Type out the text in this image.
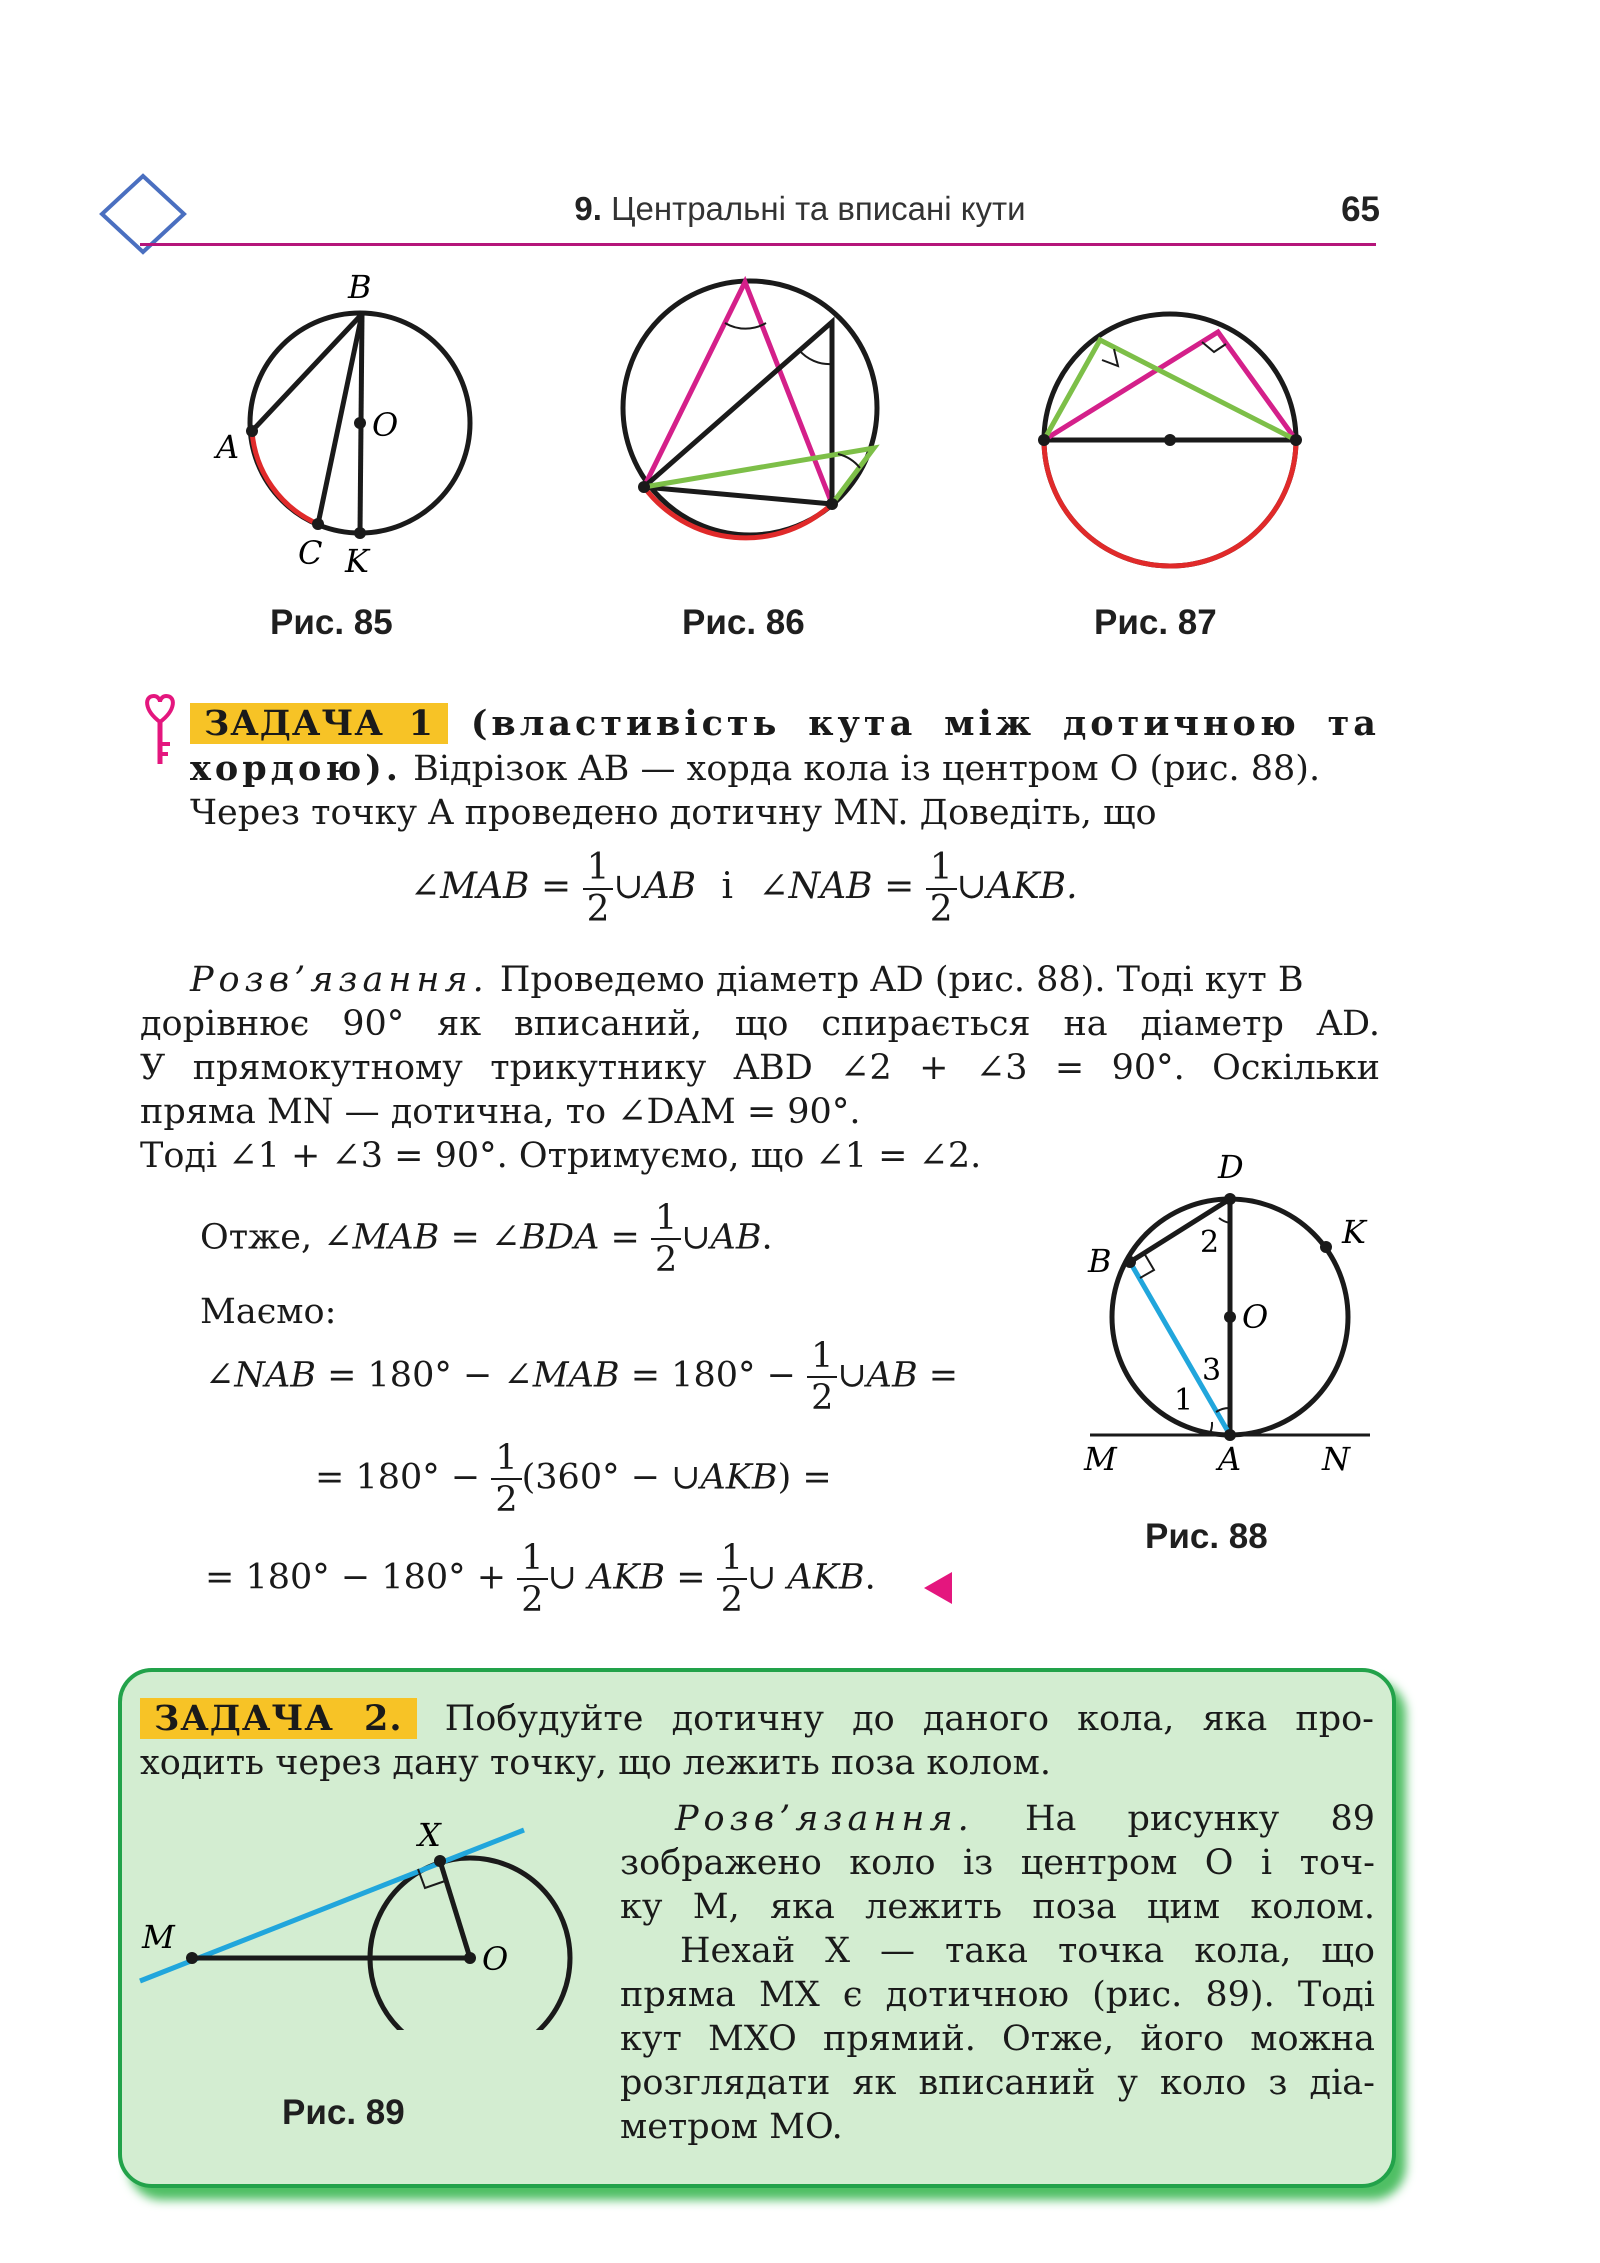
9. Центральні та вписані кути	65
B
O
A
C K
Рис. 85	Рис. 86	Рис. 87
ЗАДАЧА 1 (властивість кута між дотичною та
хордою). Відрізок AB — хорда кола із центром O (рис. 88).
Через точку A проведено дотичну MN. Доведіть, що
∠MAB = $\frac{1}{2}$ ∪AB і ∠NAB = $\frac{1}{2}$ ∪AKB.
Розв’язання. Проведемо діаметр AD (рис. 88). Тоді кут B
дорівнює 90° як вписаний, що спирається на діаметр AD.
У прямокутному трикутнику ABD ∠2 + ∠3 = 90°. Оскільки
пряма MN — дотична, то ∠DAM = 90°.
Тоді ∠1 + ∠3 = 90°. Отримуємо, що ∠1 = ∠2.
Отже, ∠MAB = ∠BDA = $\frac{1}{2}$ ∪AB.
Маємо:
∠NAB = 180° − ∠MAB = $180^\circ - \frac{1}{2}$ ∪AB =
= $180^\circ - \frac{1}{2} (360^\circ$ − ∪AKB) =
= $180^\circ - 180^\circ + \frac{1}{2}$ ∪ AKB = $\frac{1}{2}$ ∪ AKB.
D
K
B
O
2
3
1
M	A	N
Рис. 88
ЗАДАЧА 2. Побудуйте дотичну до даного кола, яка про-
ходить через дану точку, що лежить поза колом.
Розв’язання. На рисунку 89
зображено коло із центром O і точ-
ку M, яка лежить поза цим колом.
Нехай X — така точка кола, що
пряма MX є дотичною (рис. 89). Тоді
кут MXO прямий. Отже, його можна
розглядати як вписаний у коло з діа-
метром MO.
X
M
O
Рис. 89
